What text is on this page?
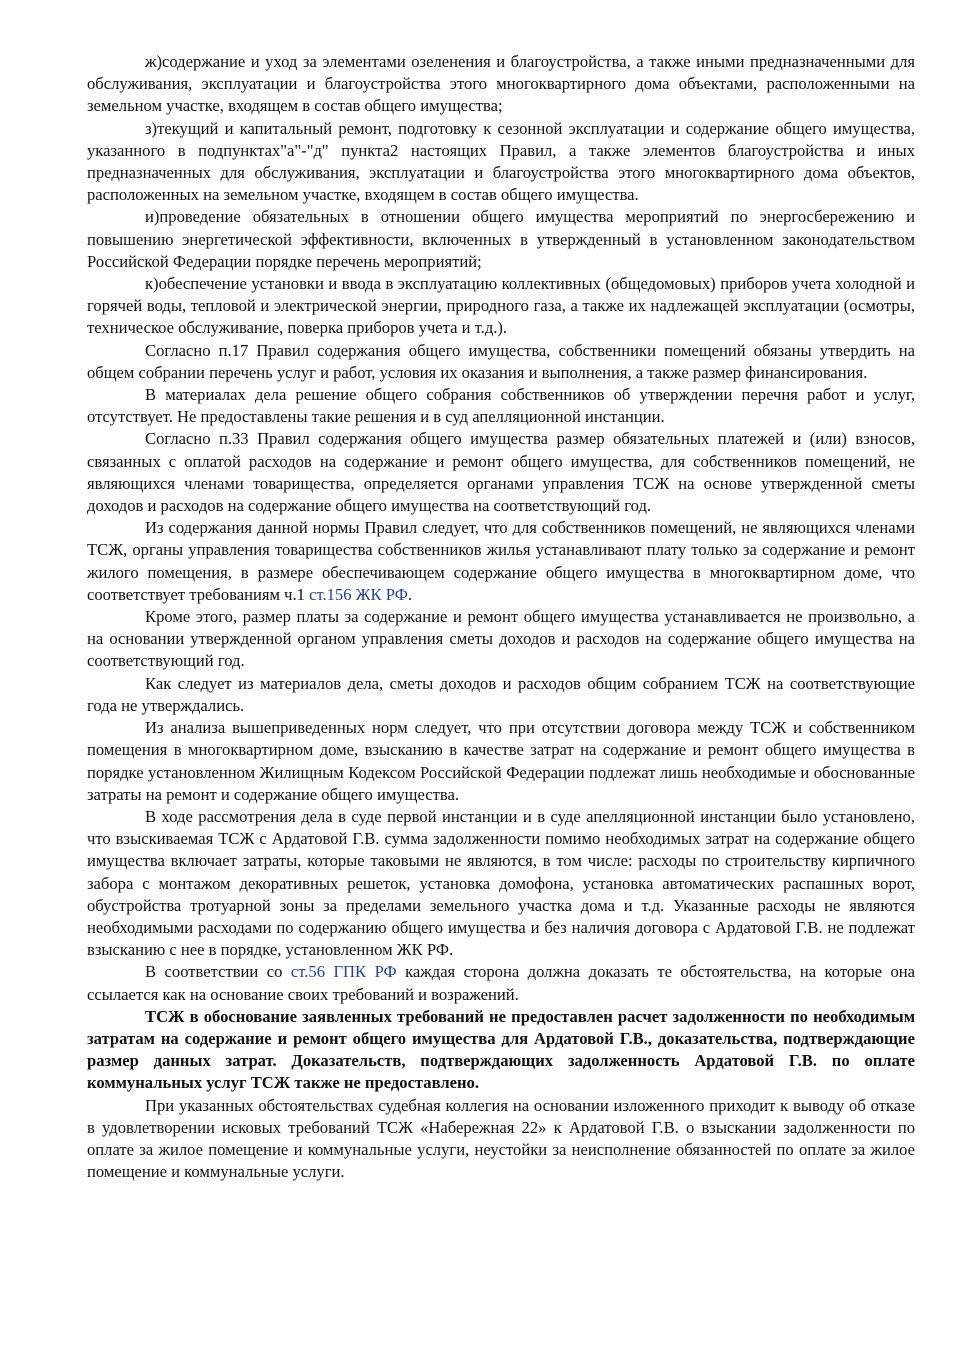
ж)содержание и уход за элементами озеленения и благоустройства, а также иными предназначенными для обслуживания, эксплуатации и благоустройства этого многоквартирного дома объектами, расположенными на земельном участке, входящем в состав общего имущества;

з)текущий и капитальный ремонт, подготовку к сезонной эксплуатации и содержание общего имущества, указанного в подпунктах"а"-"д" пункта2 настоящих Правил, а также элементов благоустройства и иных предназначенных для обслуживания, эксплуатации и благоустройства этого многоквартирного дома объектов, расположенных на земельном участке, входящем в состав общего имущества.

и)проведение обязательных в отношении общего имущества мероприятий по энергосбережению и повышению энергетической эффективности, включенных в утвержденный в установленном законодательством Российской Федерации порядке перечень мероприятий;

к)обеспечение установки и ввода в эксплуатацию коллективных (общедомовых) приборов учета холодной и горячей воды, тепловой и электрической энергии, природного газа, а также их надлежащей эксплуатации (осмотры, техническое обслуживание, поверка приборов учета и т.д.).

Согласно п.17 Правил содержания общего имущества, собственники помещений обязаны утвердить на общем собрании перечень услуг и работ, условия их оказания и выполнения, а также размер финансирования.

В материалах дела решение общего собрания собственников об утверждении перечня работ и услуг, отсутствует. Не предоставлены такие решения и в суд апелляционной инстанции.

Согласно п.33 Правил содержания общего имущества размер обязательных платежей и (или) взносов, связанных с оплатой расходов на содержание и ремонт общего имущества, для собственников помещений, не являющихся членами товарищества, определяется органами управления ТСЖ на основе утвержденной сметы доходов и расходов на содержание общего имущества на соответствующий год.

Из содержания данной нормы Правил следует, что для собственников помещений, не являющихся членами ТСЖ, органы управления товарищества собственников жилья устанавливают плату только за содержание и ремонт жилого помещения, в размере обеспечивающем содержание общего имущества в многоквартирном доме, что соответствует требованиям ч.1 ст.156 ЖК РФ.

Кроме этого, размер платы за содержание и ремонт общего имущества устанавливается не произвольно, а на основании утвержденной органом управления сметы доходов и расходов на содержание общего имущества на соответствующий год.

Как следует из материалов дела, сметы доходов и расходов общим собранием ТСЖ на соответствующие года не утверждались.

Из анализа вышеприведенных норм следует, что при отсутствии договора между ТСЖ и собственником помещения в многоквартирном доме, взысканию в качестве затрат на содержание и ремонт общего имущества в порядке установленном Жилищным Кодексом Российской Федерации подлежат лишь необходимые и обоснованные затраты на ремонт и содержание общего имущества.

В ходе рассмотрения дела в суде первой инстанции и в суде апелляционной инстанции было установлено, что взыскиваемая ТСЖ с Ардатовой Г.В. сумма задолженности помимо необходимых затрат на содержание общего имущества включает затраты, которые таковыми не являются, в том числе: расходы по строительству кирпичного забора с монтажом декоративных решеток, установка домофона, установка автоматических распашных ворот, обустройства тротуарной зоны за пределами земельного участка дома и т.д. Указанные расходы не являются необходимыми расходами по содержанию общего имущества и без наличия договора с Ардатовой Г.В. не подлежат взысканию с нее в порядке, установленном ЖК РФ.

В соответствии со ст.56 ГПК РФ каждая сторона должна доказать те обстоятельства, на которые она ссылается как на основание своих требований и возражений.

ТСЖ в обоснование заявленных требований не предоставлен расчет задолженности по необходимым затратам на содержание и ремонт общего имущества для Ардатовой Г.В., доказательства, подтверждающие размер данных затрат. Доказательств, подтверждающих задолженность Ардатовой Г.В. по оплате коммунальных услуг ТСЖ также не предоставлено.

При указанных обстоятельствах судебная коллегия на основании изложенного приходит к выводу об отказе в удовлетворении исковых требований ТСЖ «Набережная 22» к Ардатовой Г.В. о взыскании задолженности по оплате за жилое помещение и коммунальные услуги, неустойки за неисполнение обязанностей по оплате за жилое помещение и коммунальные услуги.
